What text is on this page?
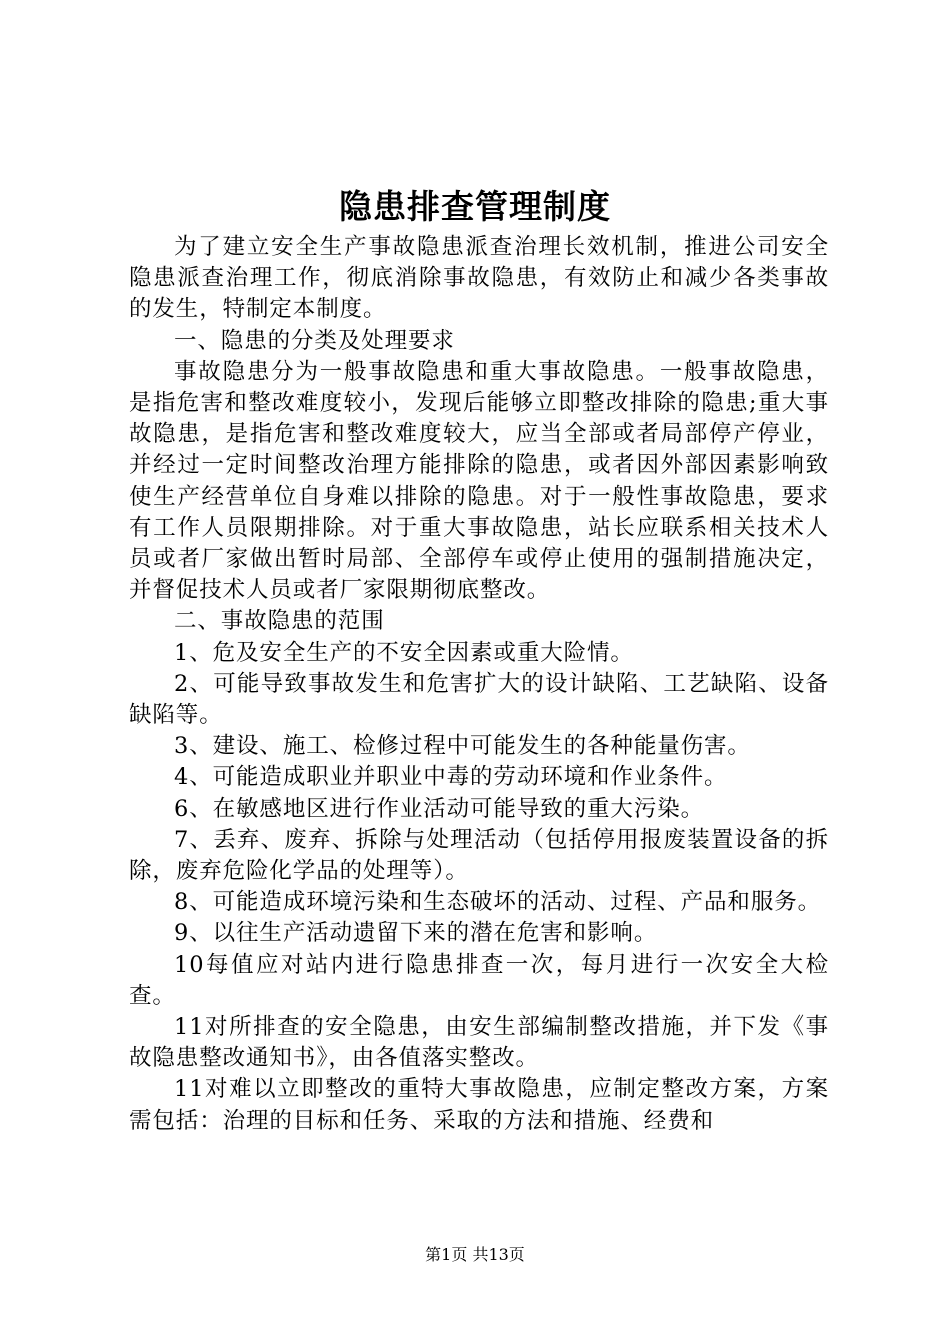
隐患排查管理制度

为了建立安全生产事故隐患派查治理长效机制，推进公司安全隐患派查治理工作，彻底消除事故隐患，有效防止和减少各类事故的发生，特制定本制度。

一、隐患的分类及处理要求

事故隐患分为一般事故隐患和重大事故隐患。一般事故隐患，是指危害和整改难度较小，发现后能够立即整改排除的隐患;重大事故隐患，是指危害和整改难度较大，应当全部或者局部停产停业，并经过一定时间整改治理方能排除的隐患，或者因外部因素影响致使生产经营单位自身难以排除的隐患。对于一般性事故隐患，要求有工作人员限期排除。对于重大事故隐患，站长应联系相关技术人员或者厂家做出暂时局部、全部停车或停止使用的强制措施决定，并督促技术人员或者厂家限期彻底整改。

二、事故隐患的范围

1、危及安全生产的不安全因素或重大险情。

2、可能导致事故发生和危害扩大的设计缺陷、工艺缺陷、设备缺陷等。

3、建设、施工、检修过程中可能发生的各种能量伤害。

4、可能造成职业并职业中毒的劳动环境和作业条件。

6、在敏感地区进行作业活动可能导致的重大污染。

7、丢弃、废弃、拆除与处理活动（包括停用报废装置设备的拆除，废弃危险化学品的处理等）。

8、可能造成环境污染和生态破坏的活动、过程、产品和服务。

9、以往生产活动遗留下来的潜在危害和影响。

10每值应对站内进行隐患排查一次，每月进行一次安全大检查。

11对所排查的安全隐患，由安生部编制整改措施，并下发《事故隐患整改通知书》，由各值落实整改。

11对难以立即整改的重特大事故隐患，应制定整改方案，方案需包括：治理的目标和任务、采取的方法和措施、经费和

第1页 共13页
